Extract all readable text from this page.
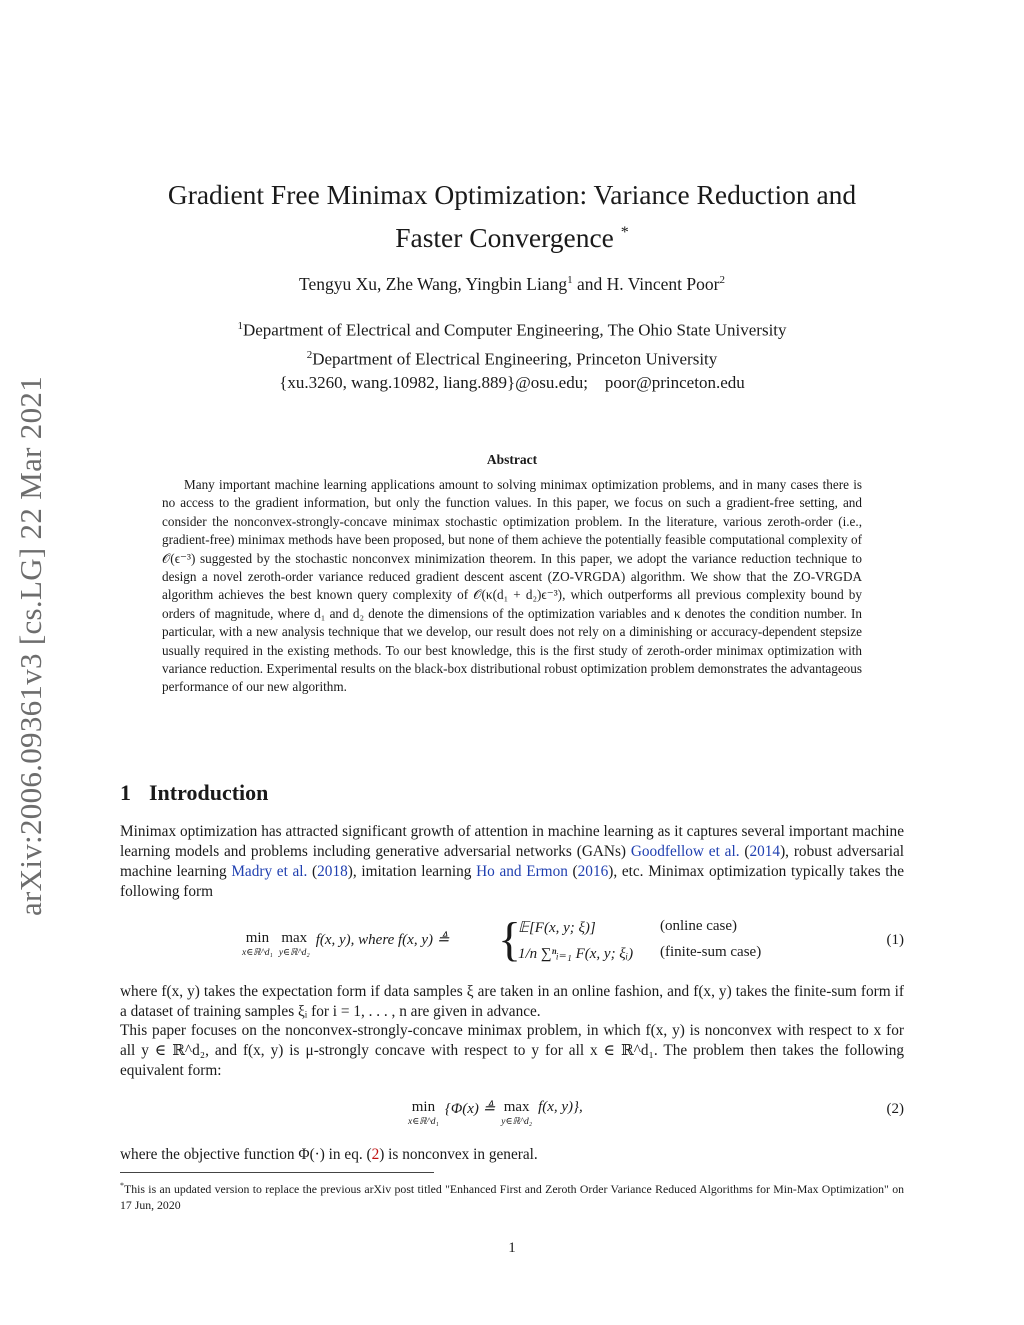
arXiv:2006.09361v3 [cs.LG] 22 Mar 2021
Gradient Free Minimax Optimization: Variance Reduction and
Faster Convergence *
Tengyu Xu, Zhe Wang, Yingbin Liang$^1$ and H. Vincent Poor$^2$
$^1$Department of Electrical and Computer Engineering, The Ohio State University
$^2$Department of Electrical Engineering, Princeton University
{xu.3260, wang.10982, liang.889}@osu.edu;    poor@princeton.edu
Abstract

Many important machine learning applications amount to solving minimax optimization problems, and in many cases there is no access to the gradient information, but only the function values. In this paper, we focus on such a gradient-free setting, and consider the nonconvex-strongly-concave minimax stochastic optimization problem. In the literature, various zeroth-order (i.e., gradient-free) minimax methods have been proposed, but none of them achieve the potentially feasible computational complexity of 𝒪(ϵ⁻³) suggested by the stochastic nonconvex minimization theorem. In this paper, we adopt the variance reduction technique to design a novel zeroth-order variance reduced gradient descent ascent (ZO-VRGDA) algorithm. We show that the ZO-VRGDA algorithm achieves the best known query complexity of 𝒪(κ(d₁ + d₂)ϵ⁻³), which outperforms all previous complexity bound by orders of magnitude, where d₁ and d₂ denote the dimensions of the optimization variables and κ denotes the condition number. In particular, with a new analysis technique that we develop, our result does not rely on a diminishing or accuracy-dependent stepsize usually required in the existing methods. To our best knowledge, this is the first study of zeroth-order minimax optimization with variance reduction. Experimental results on the black-box distributional robust optimization problem demonstrates the advantageous performance of our new algorithm.

1 Introduction

Minimax optimization has attracted significant growth of attention in machine learning as it captures several important machine learning models and problems including generative adversarial networks (GANs) Goodfellow et al. (2014), robust adversarial machine learning Madry et al. (2018), imitation learning Ho and Ermon (2016), etc. Minimax optimization typically takes the following form

min
x∈ℝ^d₁
max
y∈ℝ^d₂
f(x, y), where f(x, y) ≜ {
𝔼[F(x, y; ξ)]	(online case)
1/n ∑ⁿᵢ₌₁ F(x, y; ξᵢ) (finite-sum case)
(1)

where f(x, y) takes the expectation form if data samples ξ are taken in an online fashion, and f(x, y) takes the finite-sum form if a dataset of training samples ξᵢ for i = 1, . . . , n are given in advance.

This paper focuses on the nonconvex-strongly-concave minimax problem, in which f(x, y) is nonconvex with respect to x for all y ∈ ℝ^d₂, and f(x, y) is μ-strongly concave with respect to y for all x ∈ ℝ^d₁. The problem then takes the following equivalent form:

min
x∈ℝ^d₁
{Φ(x) ≜ max
y∈ℝ^d₂
f(x, y)},	(2)

where the objective function Φ(·) in eq. (2) is nonconvex in general.

*This is an updated version to replace the previous arXiv post titled "Enhanced First and Zeroth Order Variance Reduced Algorithms for Min-Max Optimization" on 17 Jun, 2020
1
